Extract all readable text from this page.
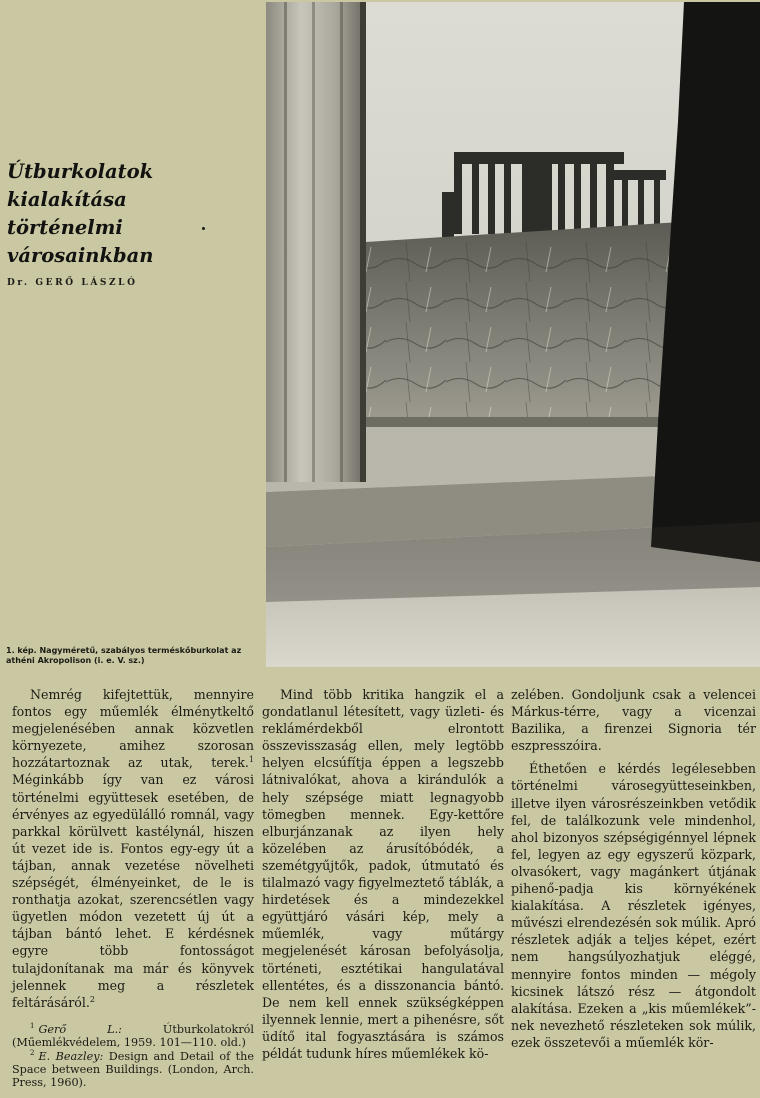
Útburkolatok
kialakítása
történelmi
városainkban
Dr. GERŐ LÁSZLÓ
1. kép. Nagyméretű, szabályos terméskőburkolat az athéni Akropolison (i. e. V. sz.)

Nemrég kifejtettük, mennyire fontos egy műemlék élménytkeltő megjelenésében annak közvetlen környezete, amihez szorosan hozzátartoznak az utak, terek.$^1$ Méginkább így van ez városi történelmi együttesek esetében, de érvényes az egyedülálló romnál, vagy parkkal körülvett kastélynál, hiszen út vezet ide is. Fontos egy-egy út a tájban, annak vezetése növelheti szépségét, élményeinket, de le is ronthatja azokat, szerencsétlen vagy ügyetlen módon vezetett új út a tájban bántó lehet. E kérdésnek egyre több fontosságot tulajdonítanak ma már és könyvek jelennek meg a részletek feltárásáról.$^2$

$^1$ Gerő L.: Útburkolatokról (Műemlékvédelem, 1959. 101—110. old.)

$^2$ E. Beazley: Design and Detail of the Space between Buildings. (London, Arch. Press, 1960).

Mind több kritika hangzik el a gondatlanul létesített, vagy üzleti- és reklámérdekből elrontott összevisszaság ellen, mely legtöbb helyen elcsúfítja éppen a legszebb látnivalókat, ahova a kirándulók a hely szépsége miatt legnagyobb tömegben mennek. Egy-kettőre elburjánzanak az ilyen hely közelében az árusítóbódék, a szemétgyűjtők, padok, útmutató és tilalmazó vagy figyelmeztető táblák, a hirdetések és a mindezekkel együttjáró vásári kép, mely a műemlék, vagy műtárgy megjelenését károsan befolyásolja, történeti, esztétikai hangulatával ellentétes, és a disszonancia bántó. De nem kell ennek szükségképpen ilyennek lennie, mert a pihenésre, sőt üdítő ital fogyasztására is számos példát tudunk híres műemlékek kö-

zelében. Gondoljunk csak a velencei Márkus-térre, vagy a vicenzai Bazilika, a firenzei Signoria tér eszpresszóira.

Éthetően e kérdés legélesebben történelmi városegyütteseinkben, illetve ilyen városrészeinkben vetődik fel, de találkozunk vele mindenhol, ahol bizonyos szépségigénnyel lépnek fel, legyen az egy egyszerű közpark, olvasókert, vagy magánkert útjának pihenő-padja kis környékének kialakítása. A részletek igényes, művészi elrendezésén sok múlik. Apró részletek adják a teljes képet, ezért nem hangsúlyozhatjuk eléggé, mennyire fontos minden — mégoly kicsinek látszó rész — átgondolt alakítása. Ezeken a „kis műemlékek”-nek nevezhető részleteken sok múlik, ezek összetevői a műemlék kör-
